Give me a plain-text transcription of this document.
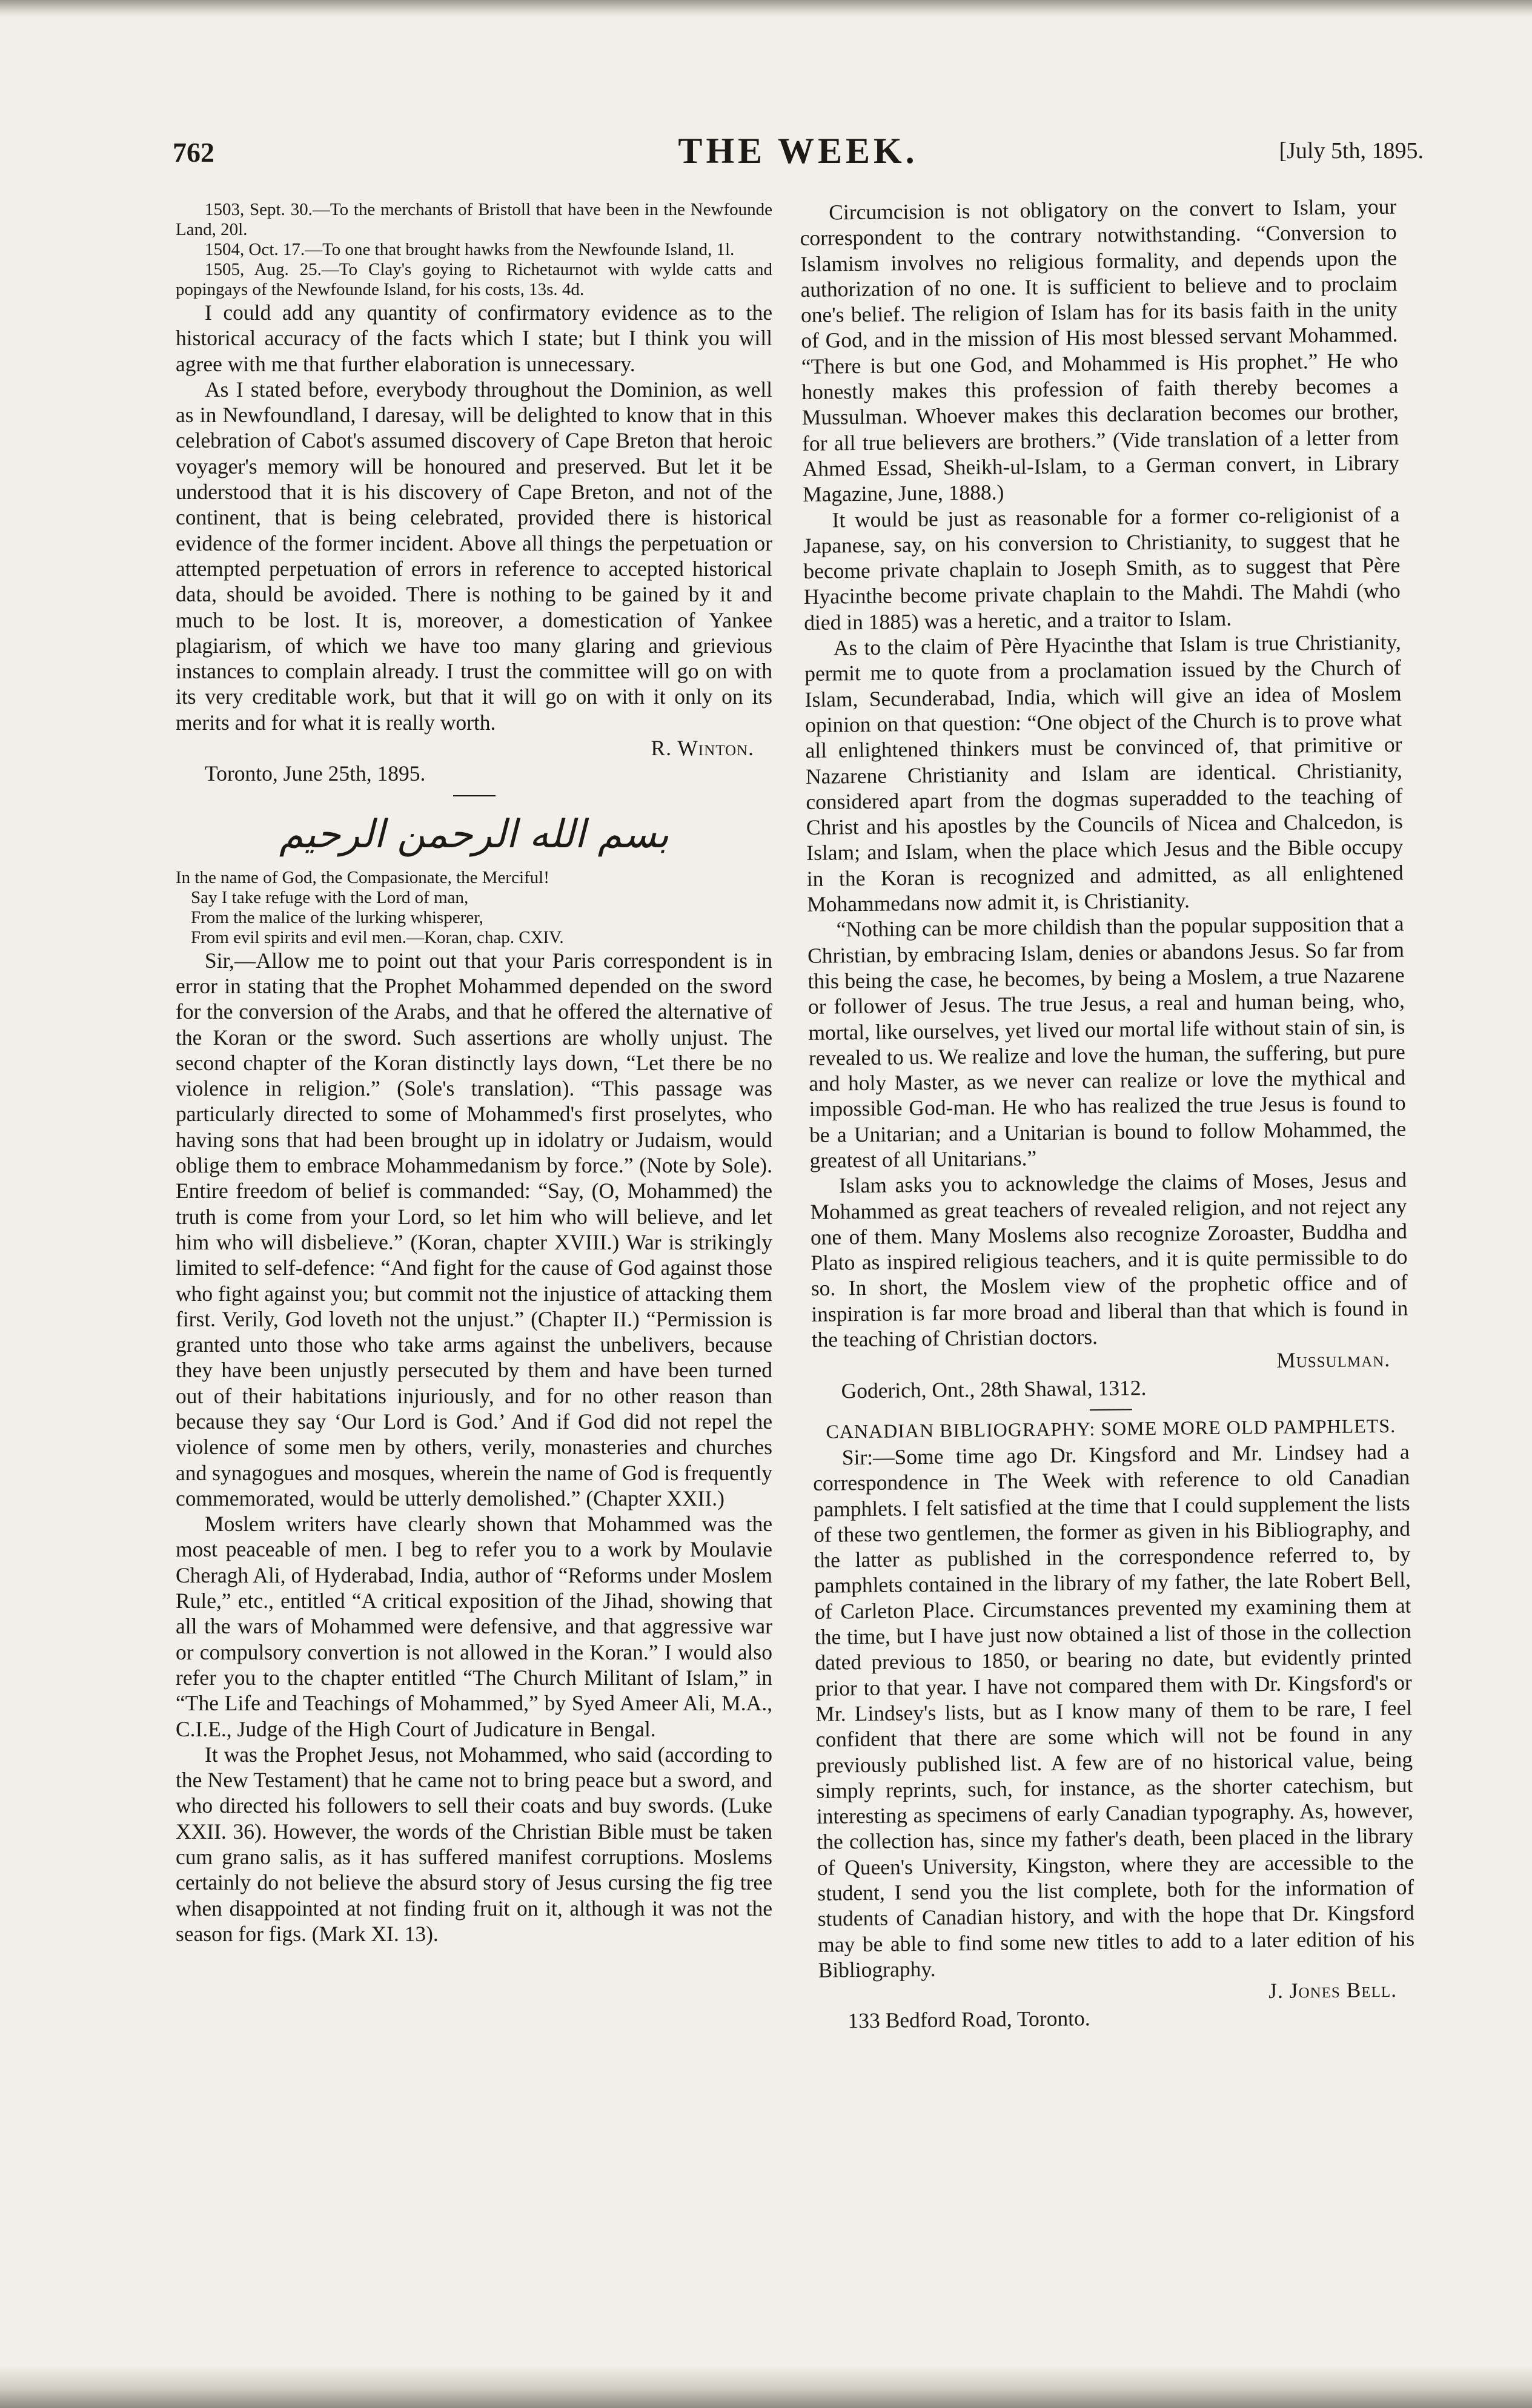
762	THE WEEK.	[July 5th, 1895.
1503, Sept. 30.—To the merchants of Bristoll that have been in the Newfounde Land, 20l.
1504, Oct. 17.—To one that brought hawks from the Newfounde Island, 1l.
1505, Aug. 25.—To Clay's goying to Richetaurnot with wylde catts and popingays of the Newfounde Island, for his costs, 13s. 4d.

I could add any quantity of confirmatory evidence as to the historical accuracy of the facts which I state; but I think you will agree with me that further elaboration is unnecessary.

As I stated before, everybody throughout the Dominion, as well as in Newfoundland, I daresay, will be delighted to know that in this celebration of Cabot's assumed discovery of Cape Breton that heroic voyager's memory will be honoured and preserved. But let it be understood that it is his discovery of Cape Breton, and not of the continent, that is being celebrated, provided there is historical evidence of the former incident. Above all things the perpetuation or attempted perpetuation of errors in reference to accepted historical data, should be avoided. There is nothing to be gained by it and much to be lost. It is, moreover, a domestication of Yankee plagiarism, of which we have too many glaring and grievious instances to complain already. I trust the committee will go on with its very creditable work, but that it will go on with it only on its merits and for what it is really worth.

R. Winton.

Toronto, June 25th, 1895.

بسم الله الرحمن الرحيم
In the name of God, the Compasionate, the Merciful!
Say I take refuge with the Lord of man,
From the malice of the lurking whisperer,
From evil spirits and evil men.—Koran, chap. CXIV.

Sir,—Allow me to point out that your Paris correspondent is in error in stating that the Prophet Mohammed depended on the sword for the conversion of the Arabs, and that he offered the alternative of the Koran or the sword. Such assertions are wholly unjust. The second chapter of the Koran distinctly lays down, “Let there be no violence in religion.” (Sole's translation). “This passage was particularly directed to some of Mohammed's first proselytes, who having sons that had been brought up in idolatry or Judaism, would oblige them to embrace Mohammedanism by force.” (Note by Sole). Entire freedom of belief is commanded: “Say, (O, Mohammed) the truth is come from your Lord, so let him who will believe, and let him who will disbelieve.” (Koran, chapter XVIII.) War is strikingly limited to self-defence: “And fight for the cause of God against those who fight against you; but commit not the injustice of attacking them first. Verily, God loveth not the unjust.” (Chapter II.) “Permission is granted unto those who take arms against the unbelivers, because they have been unjustly persecuted by them and have been turned out of their habitations injuriously, and for no other reason than because they say ‘Our Lord is God.’ And if God did not repel the violence of some men by others, verily, monasteries and churches and synagogues and mosques, wherein the name of God is frequently commemorated, would be utterly demolished.” (Chapter XXII.)

Moslem writers have clearly shown that Mohammed was the most peaceable of men. I beg to refer you to a work by Moulavie Cheragh Ali, of Hyderabad, India, author of “Reforms under Moslem Rule,” etc., entitled “A critical exposition of the Jihad, showing that all the wars of Mohammed were defensive, and that aggressive war or compulsory convertion is not allowed in the Koran.” I would also refer you to the chapter entitled “The Church Militant of Islam,” in “The Life and Teachings of Mohammed,” by Syed Ameer Ali, M.A., C.I.E., Judge of the High Court of Judicature in Bengal.

It was the Prophet Jesus, not Mohammed, who said (according to the New Testament) that he came not to bring peace but a sword, and who directed his followers to sell their coats and buy swords. (Luke XXII. 36). However, the words of the Christian Bible must be taken cum grano salis, as it has suffered manifest corruptions. Moslems certainly do not believe the absurd story of Jesus cursing the fig tree when disappointed at not finding fruit on it, although it was not the season for figs. (Mark XI. 13).

Circumcision is not obligatory on the convert to Islam, your correspondent to the contrary notwithstanding. “Conversion to Islamism involves no religious formality, and depends upon the authorization of no one. It is sufficient to believe and to proclaim one's belief. The religion of Islam has for its basis faith in the unity of God, and in the mission of His most blessed servant Mohammed. “There is but one God, and Mohammed is His prophet.” He who honestly makes this profession of faith thereby becomes a Mussulman. Whoever makes this declaration becomes our brother, for all true believers are brothers.” (Vide translation of a letter from Ahmed Essad, Sheikh-ul-Islam, to a German convert, in Library Magazine, June, 1888.)

It would be just as reasonable for a former co-religionist of a Japanese, say, on his conversion to Christianity, to suggest that he become private chaplain to Joseph Smith, as to suggest that Père Hyacinthe become private chaplain to the Mahdi. The Mahdi (who died in 1885) was a heretic, and a traitor to Islam.

As to the claim of Père Hyacinthe that Islam is true Christianity, permit me to quote from a proclamation issued by the Church of Islam, Secunderabad, India, which will give an idea of Moslem opinion on that question: “One object of the Church is to prove what all enlightened thinkers must be convinced of, that primitive or Nazarene Christianity and Islam are identical. Christianity, considered apart from the dogmas superadded to the teaching of Christ and his apostles by the Councils of Nicea and Chalcedon, is Islam; and Islam, when the place which Jesus and the Bible occupy in the Koran is recognized and admitted, as all enlightened Mohammedans now admit it, is Christianity.

“Nothing can be more childish than the popular supposition that a Christian, by embracing Islam, denies or abandons Jesus. So far from this being the case, he becomes, by being a Moslem, a true Nazarene or follower of Jesus. The true Jesus, a real and human being, who, mortal, like ourselves, yet lived our mortal life without stain of sin, is revealed to us. We realize and love the human, the suffering, but pure and holy Master, as we never can realize or love the mythical and impossible God-man. He who has realized the true Jesus is found to be a Unitarian; and a Unitarian is bound to follow Mohammed, the greatest of all Unitarians.”

Islam asks you to acknowledge the claims of Moses, Jesus and Mohammed as great teachers of revealed religion, and not reject any one of them. Many Moslems also recognize Zoroaster, Buddha and Plato as inspired religious teachers, and it is quite permissible to do so. In short, the Moslem view of the prophetic office and of inspiration is far more broad and liberal than that which is found in the teaching of Christian doctors.

Mussulman.

Goderich, Ont., 28th Shawal, 1312.

CANADIAN BIBLIOGRAPHY: SOME MORE OLD PAMPHLETS.

Sir:—Some time ago Dr. Kingsford and Mr. Lindsey had a correspondence in The Week with reference to old Canadian pamphlets. I felt satisfied at the time that I could supplement the lists of these two gentlemen, the former as given in his Bibliography, and the latter as published in the correspondence referred to, by pamphlets contained in the library of my father, the late Robert Bell, of Carleton Place. Circumstances prevented my examining them at the time, but I have just now obtained a list of those in the collection dated previous to 1850, or bearing no date, but evidently printed prior to that year. I have not compared them with Dr. Kingsford's or Mr. Lindsey's lists, but as I know many of them to be rare, I feel confident that there are some which will not be found in any previously published list. A few are of no historical value, being simply reprints, such, for instance, as the shorter catechism, but interesting as specimens of early Canadian typography. As, however, the collection has, since my father's death, been placed in the library of Queen's University, Kingston, where they are accessible to the student, I send you the list complete, both for the information of students of Canadian history, and with the hope that Dr. Kingsford may be able to find some new titles to add to a later edition of his Bibliography.

J. Jones Bell.

133 Bedford Road, Toronto.
